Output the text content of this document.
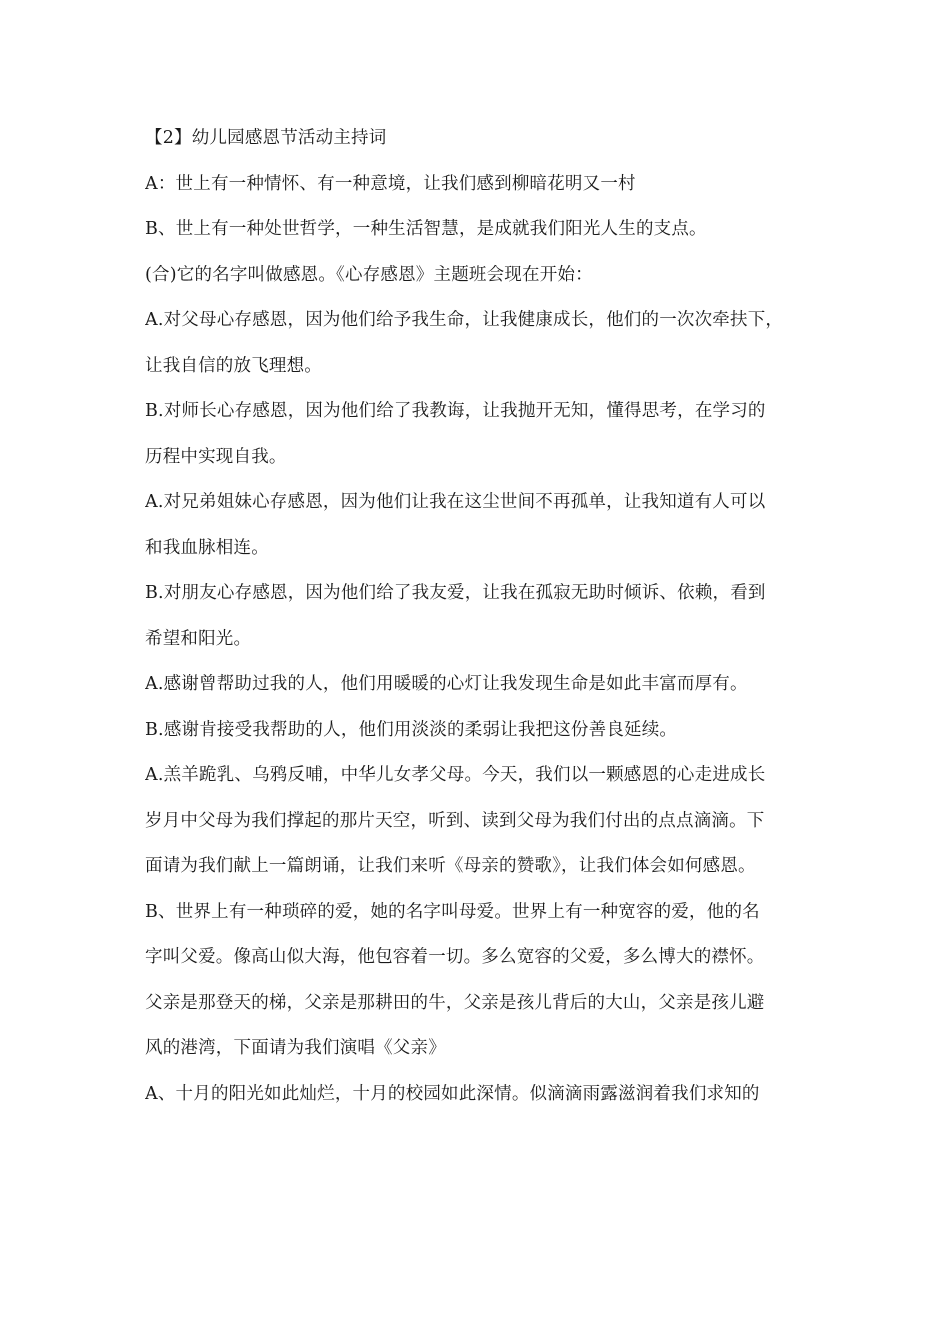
【2】幼儿园感恩节活动主持词
A：世上有一种情怀、有一种意境，让我们感到柳暗花明又一村
B、世上有一种处世哲学，一种生活智慧，是成就我们阳光人生的支点。
(合)它的名字叫做感恩。《心存感恩》主题班会现在开始：
A.对父母心存感恩，因为他们给予我生命，让我健康成长，他们的一次次牵扶下，
让我自信的放飞理想。
B.对师长心存感恩，因为他们给了我教诲，让我抛开无知，懂得思考，在学习的
历程中实现自我。
A.对兄弟姐妹心存感恩，因为他们让我在这尘世间不再孤单，让我知道有人可以
和我血脉相连。
B.对朋友心存感恩，因为他们给了我友爱，让我在孤寂无助时倾诉、依赖，看到
希望和阳光。
A.感谢曾帮助过我的人，他们用暖暖的心灯让我发现生命是如此丰富而厚有。
B.感谢肯接受我帮助的人，他们用淡淡的柔弱让我把这份善良延续。
A.羔羊跪乳、乌鸦反哺，中华儿女孝父母。今天，我们以一颗感恩的心走进成长
岁月中父母为我们撑起的那片天空，听到、读到父母为我们付出的点点滴滴。下
面请为我们献上一篇朗诵，让我们来听《母亲的赞歌》，让我们体会如何感恩。
B、世界上有一种琐碎的爱，她的名字叫母爱。世界上有一种宽容的爱，他的名
字叫父爱。像高山似大海，他包容着一切。多么宽容的父爱，多么博大的襟怀。
父亲是那登天的梯，父亲是那耕田的牛，父亲是孩儿背后的大山，父亲是孩儿避
风的港湾，下面请为我们演唱《父亲》
A、十月的阳光如此灿烂，十月的校园如此深情。似滴滴雨露滋润着我们求知的
